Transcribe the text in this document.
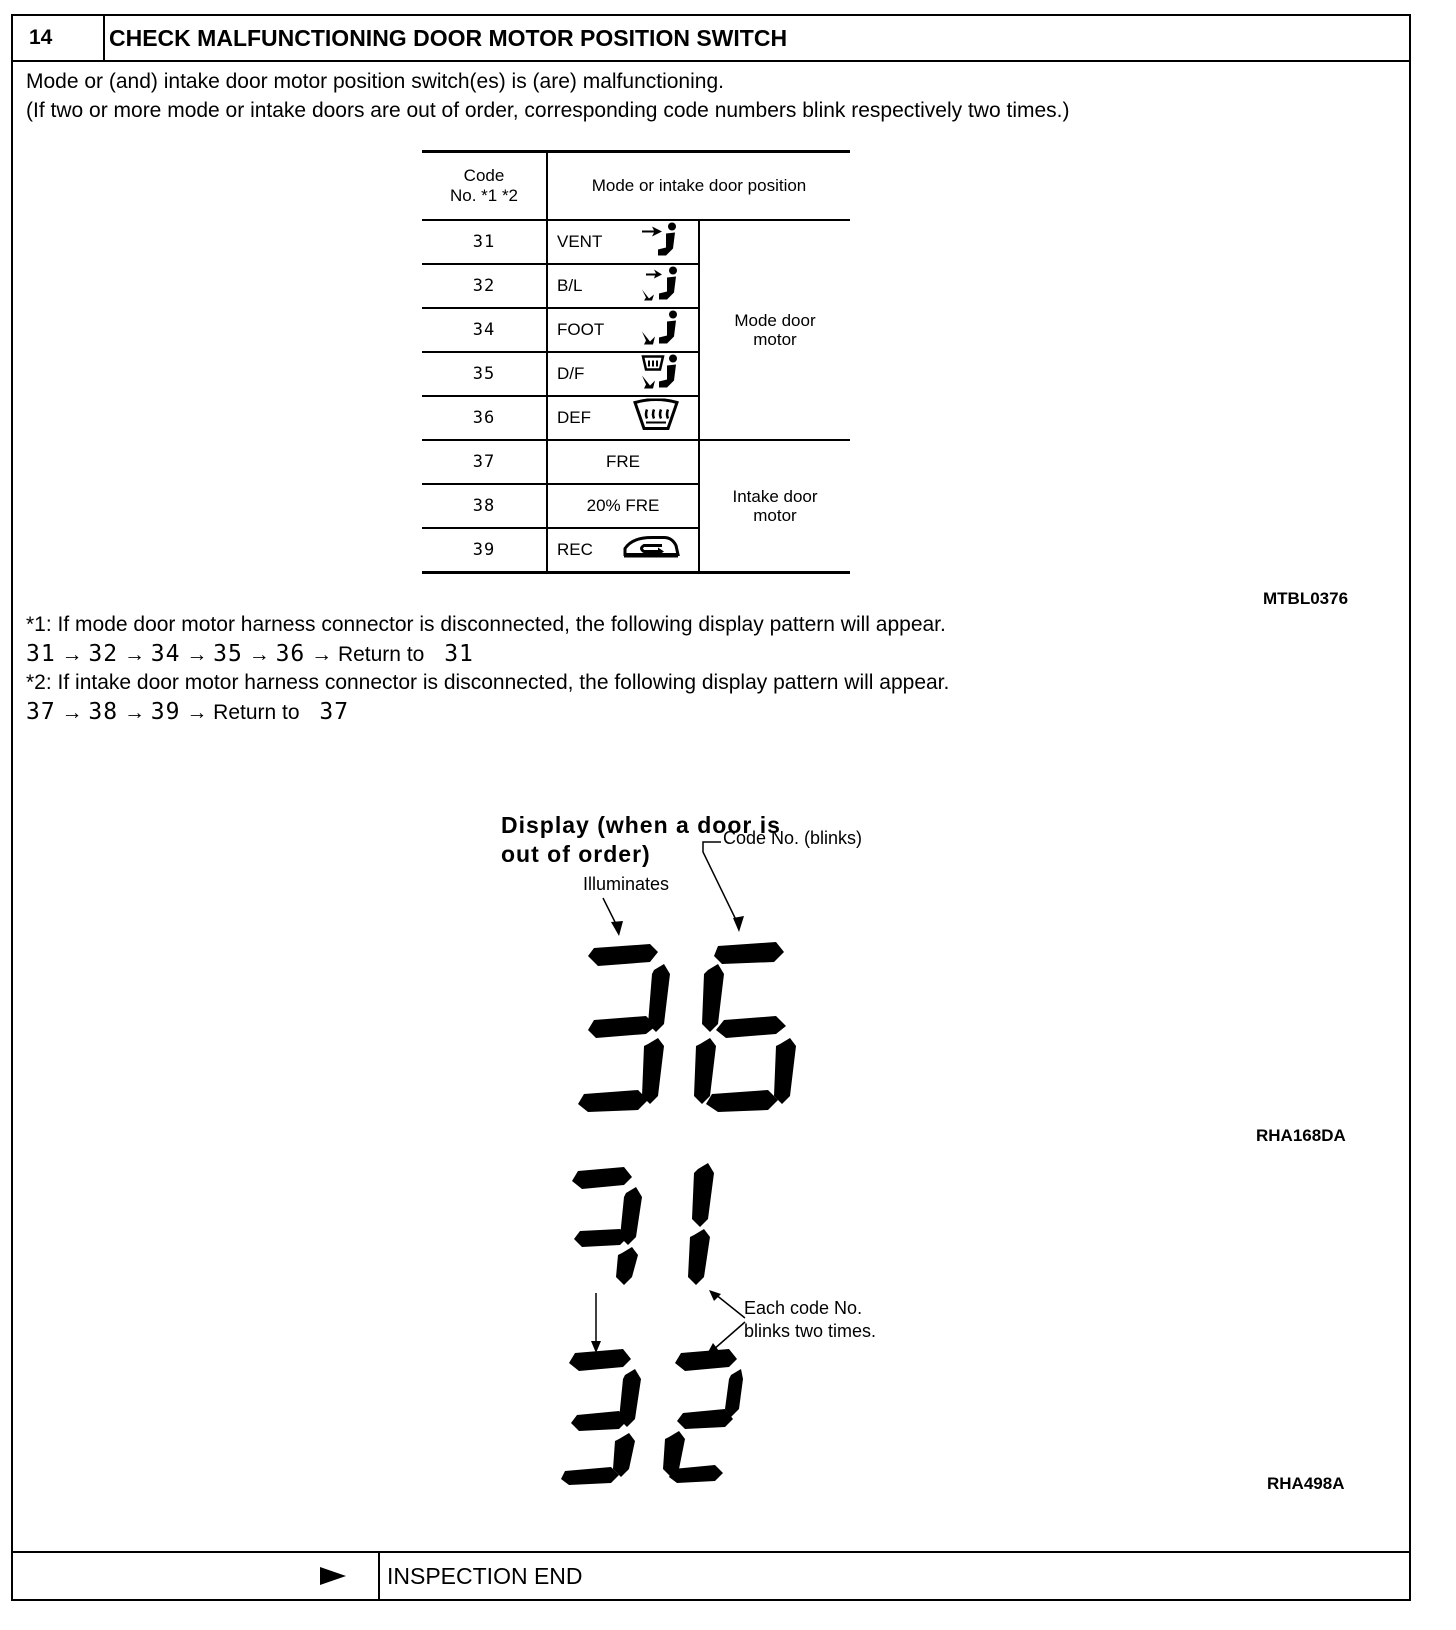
14	CHECK MALFUNCTIONING DOOR MOTOR POSITION SWITCH
Mode or (and) intake door motor position switch(es) is (are) malfunctioning.
(If two or more mode or intake doors are out of order, corresponding code numbers blink respectively two times.)
Code
No. *1 *2	Mode or intake door position	
31	VENT	Mode door
motor
32	B/L	

34	FOOT	

35	D/F	

36	DEF	

37	FRE	Intake door
motor
38	20% FRE	
39	REC	
MTBL0376
*1: If mode door motor harness connector is disconnected, the following display pattern will appear.
31 → 32 → 34 → 35 → 36 → Return to 31
*2: If intake door motor harness connector is disconnected, the following display pattern will appear.
37 → 38 → 39 → Return to 37
Display (when a door is
out of order)
Code No. (blinks)
Illuminates
RHA168DA
Each code No.
blinks two times.
RHA498A
INSPECTION END
